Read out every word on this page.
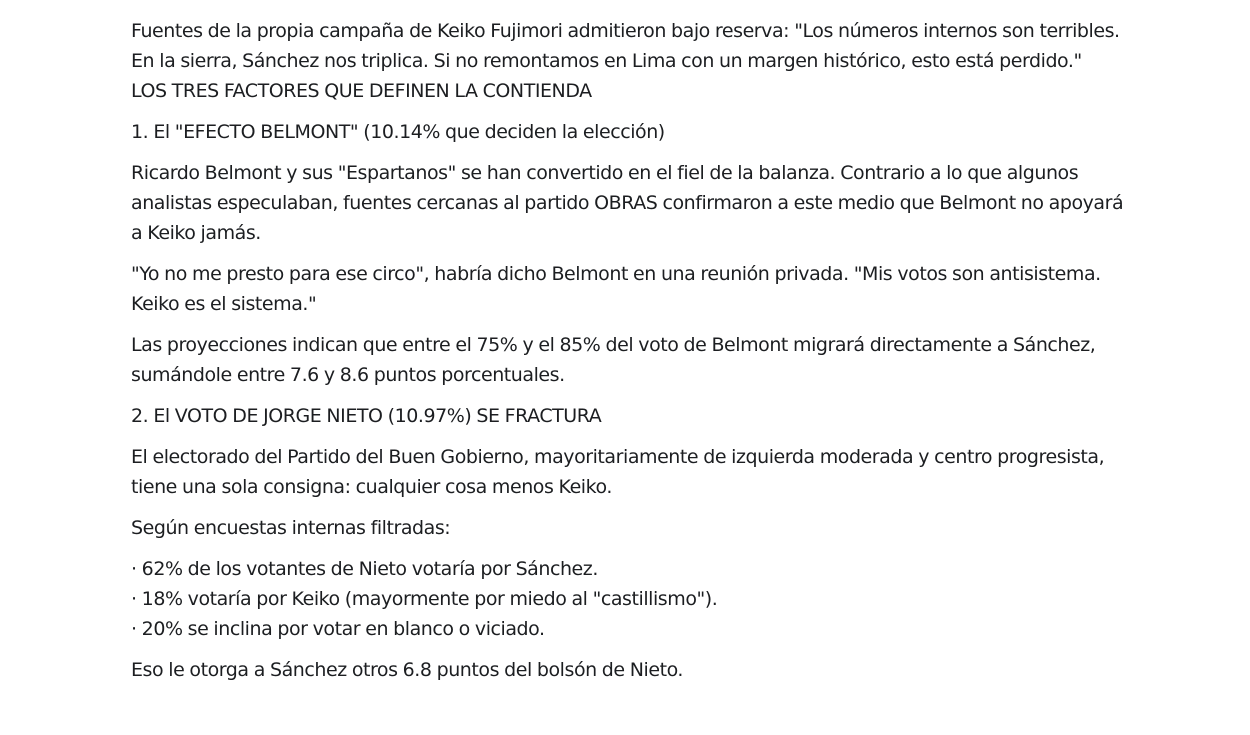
Fuentes de la propia campaña de Keiko Fujimori admitieron bajo reserva: "Los números internos son terribles. En la sierra, Sánchez nos triplica. Si no remontamos en Lima con un margen histórico, esto está perdido."

LOS TRES FACTORES QUE DEFINEN LA CONTIENDA

1. El "EFECTO BELMONT" (10.14% que deciden la elección)

Ricardo Belmont y sus "Espartanos" se han convertido en el fiel de la balanza. Contrario a lo que algunos analistas especulaban, fuentes cercanas al partido OBRAS confirmaron a este medio que Belmont no apoyará a Keiko jamás.

"Yo no me presto para ese circo", habría dicho Belmont en una reunión privada. "Mis votos son antisistema. Keiko es el sistema."

Las proyecciones indican que entre el 75% y el 85% del voto de Belmont migrará directamente a Sánchez, sumándole entre 7.6 y 8.6 puntos porcentuales.

2. El VOTO DE JORGE NIETO (10.97%) SE FRACTURA

El electorado del Partido del Buen Gobierno, mayoritariamente de izquierda moderada y centro progresista, tiene una sola consigna: cualquier cosa menos Keiko.

Según encuestas internas filtradas:

· 62% de los votantes de Nieto votaría por Sánchez.
· 18% votaría por Keiko (mayormente por miedo al "castillismo").
· 20% se inclina por votar en blanco o viciado.

Eso le otorga a Sánchez otros 6.8 puntos del bolsón de Nieto.
